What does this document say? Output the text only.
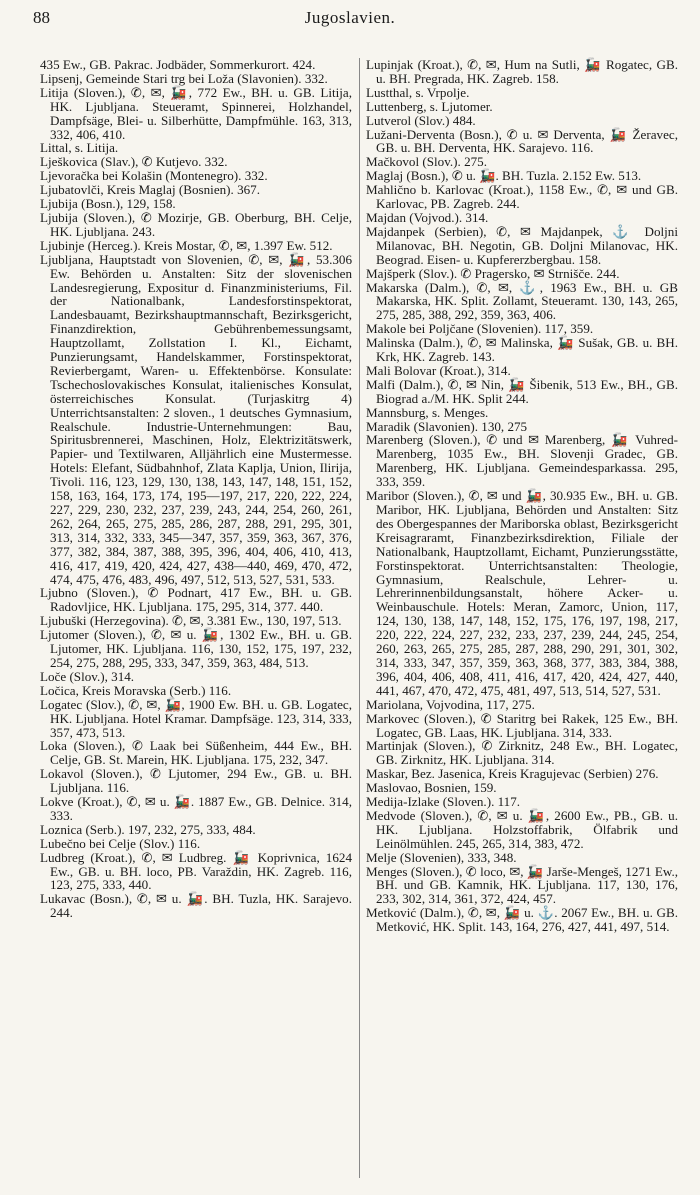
88	Jugoslavien.

435 Ew., GB. Pakrac. Jodbäder, Sommerkurort. 424.

Lipsenj, Gemeinde Stari trg bei Loža (Slavonien). 332.

Litija (Sloven.), ✆, ✉, 🚂, 772 Ew., BH. u. GB. Litija, HK. Ljubljana. Steueramt, Spinnerei, Holzhandel, Dampfsäge, Blei- u. Silberhütte, Dampfmühle. 163, 313, 332, 406, 410.

Littal, s. Litija.

Lješkovica (Slav.), ✆ Kutjevo. 332.

Ljevoračka bei Kolašin (Montenegro). 332.

Ljubatovlči, Kreis Maglaj (Bosnien). 367.

Ljubija (Bosn.), 129, 158.

Ljubija (Sloven.), ✆ Mozirje, GB. Oberburg, BH. Celje, HK. Ljubljana. 243.

Ljubinje (Herceg.). Kreis Mostar, ✆, ✉, 1.397 Ew. 512.

Ljubljana, Hauptstadt von Slovenien, ✆, ✉, 🚂, 53.306 Ew. Behörden u. Anstalten: Sitz der slovenischen Landesregierung, Expositur d. Finanzministeriums, Fil. der Nationalbank, Landesforstinspektorat, Landesbauamt, Bezirkshauptmannschaft, Bezirksgericht, Finanzdirektion, Gebührenbemessungsamt, Hauptzollamt, Zollstation I. Kl., Eichamt, Punzierungsamt, Handelskammer, Forstinspektorat, Revierbergamt, Waren- u. Effektenbörse. Konsulate: Tschechoslovakisches Konsulat, italienisches Konsulat, österreichisches Konsulat. (Turjaskitrg 4) Unterrichtsanstalten: 2 sloven., 1 deutsches Gymnasium, Realschule. Industrie-Unternehmungen: Bau, Spiritusbrennerei, Maschinen, Holz, Elektrizitätswerk, Papier- und Textilwaren, Alljährlich eine Mustermesse. Hotels: Elefant, Südbahnhof, Zlata Kaplja, Union, Ilirija, Tivoli. 116, 123, 129, 130, 138, 143, 147, 148, 151, 152, 158, 163, 164, 173, 174, 195—197, 217, 220, 222, 224, 227, 229, 230, 232, 237, 239, 243, 244, 254, 260, 261, 262, 264, 265, 275, 285, 286, 287, 288, 291, 295, 301, 313, 314, 332, 333, 345—347, 357, 359, 363, 367, 376, 377, 382, 384, 387, 388, 395, 396, 404, 406, 410, 413, 416, 417, 419, 420, 424, 427, 438—440, 469, 470, 472, 474, 475, 476, 483, 496, 497, 512, 513, 527, 531, 533.

Ljubno (Sloven.), ✆ Podnart, 417 Ew., BH. u. GB. Radovljice, HK. Ljubljana. 175, 295, 314, 377. 440.

Ljubuški (Herzegovina). ✆, ✉, 3.381 Ew., 130, 197, 513.

Ljutomer (Sloven.), ✆, ✉ u. 🚂, 1302 Ew., BH. u. GB. Ljutomer, HK. Ljubljana. 116, 130, 152, 175, 197, 232, 254, 275, 288, 295, 333, 347, 359, 363, 484, 513.

Loče (Slov.), 314.

Ločica, Kreis Moravska (Serb.) 116.

Logatec (Slov.), ✆, ✉, 🚂, 1900 Ew. BH. u. GB. Logatec, HK. Ljubljana. Hotel Kramar. Dampfsäge. 123, 314, 333, 357, 473, 513.

Loka (Sloven.), ✆ Laak bei Süßenheim, 444 Ew., BH. Celje, GB. St. Marein, HK. Ljubljana. 175, 232, 347.

Lokavol (Sloven.), ✆ Ljutomer, 294 Ew., GB. u. BH. Ljubljana. 116.

Lokve (Kroat.), ✆, ✉ u. 🚂. 1887 Ew., GB. Delnice. 314, 333.

Loznica (Serb.). 197, 232, 275, 333, 484.

Lubečno bei Celje (Slov.) 116.

Ludbreg (Kroat.), ✆, ✉ Ludbreg. 🚂 Koprivnica, 1624 Ew., GB. u. BH. loco, PB. Varaždin, HK. Zagreb. 116, 123, 275, 333, 440.

Lukavac (Bosn.), ✆, ✉ u. 🚂. BH. Tuzla, HK. Sarajevo. 244.

Lupinjak (Kroat.), ✆, ✉, Hum na Sutli, 🚂 Rogatec, GB. u. BH. Pregrada, HK. Zagreb. 158.

Lustthal, s. Vrpolje.

Luttenberg, s. Ljutomer.

Lutverol (Slov.) 484.

Lužani-Derventa (Bosn.), ✆ u. ✉ Derventa, 🚂 Žeravec, GB. u. BH. Derventa, HK. Sarajevo. 116.

Mačkovol (Slov.). 275.

Maglaj (Bosn.), ✆ u. 🚂. BH. Tuzla. 2.152 Ew. 513.

Mahlično b. Karlovac (Kroat.), 1158 Ew., ✆, ✉ und GB. Karlovac, PB. Zagreb. 244.

Majdan (Vojvod.). 314.

Majdanpek (Serbien), ✆, ✉ Majdanpek, ⚓ Doljni Milanovac, BH. Negotin, GB. Doljni Milanovac, HK. Beograd. Eisen- u. Kupfererzbergbau. 158.

Majšperk (Slov.). ✆ Pragersko, ✉ Strnišče. 244.

Makarska (Dalm.), ✆, ✉, ⚓, 1963 Ew., BH. u. GB Makarska, HK. Split. Zollamt, Steueramt. 130, 143, 265, 275, 285, 388, 292, 359, 363, 406.

Makole bei Poljčane (Slovenien). 117, 359.

Malinska (Dalm.), ✆, ✉ Malinska, 🚂 Sušak, GB. u. BH. Krk, HK. Zagreb. 143.

Mali Bolovar (Kroat.), 314.

Malfi (Dalm.), ✆, ✉ Nin, 🚂 Šibenik, 513 Ew., BH., GB. Biograd a./M. HK. Split 244.

Mannsburg, s. Menges.

Maradik (Slavonien). 130, 275

Marenberg (Sloven.), ✆ und ✉ Marenberg, 🚂 Vuhred-Marenberg, 1035 Ew., BH. Slovenji Gradec, GB. Marenberg, HK. Ljubljana. Gemeindesparkassa. 295, 333, 359.

Maribor (Sloven.), ✆, ✉ und 🚂, 30.935 Ew., BH. u. GB. Maribor, HK. Ljubljana, Behörden und Anstalten: Sitz des Obergespannes der Mariborska oblast, Bezirksgericht Kreisagraramt, Finanzbezirksdirektion, Filiale der Nationalbank, Hauptzollamt, Eichamt, Punzierungsstätte, Forstinspektorat. Unterrichtsanstalten: Theologie, Gymnasium, Realschule, Lehrer- u. Lehrerinnenbildungsanstalt, höhere Acker- u. Weinbauschule. Hotels: Meran, Zamorc, Union, 117, 124, 130, 138, 147, 148, 152, 175, 176, 197, 198, 217, 220, 222, 224, 227, 232, 233, 237, 239, 244, 245, 254, 260, 263, 265, 275, 285, 287, 288, 290, 291, 301, 302, 314, 333, 347, 357, 359, 363, 368, 377, 383, 384, 388, 396, 404, 406, 408, 411, 416, 417, 420, 424, 427, 440, 441, 467, 470, 472, 475, 481, 497, 513, 514, 527, 531.

Mariolana, Vojvodina, 117, 275.

Markovec (Sloven.), ✆ Staritrg bei Rakek, 125 Ew., BH. Logatec, GB. Laas, HK. Ljubljana. 314, 333.

Martinjak (Sloven.), ✆ Zirknitz, 248 Ew., BH. Logatec, GB. Zirknitz, HK. Ljubljana. 314.

Maskar, Bez. Jasenica, Kreis Kragujevac (Serbien) 276.

Maslovao, Bosnien, 159.

Medija-Izlake (Sloven.). 117.

Medvode (Sloven.), ✆, ✉ u. 🚂, 2600 Ew., PB., GB. u. HK. Ljubljana. Holzstoffabrik, Ölfabrik und Leinölmühlen. 245, 265, 314, 383, 472.

Melje (Slovenien), 333, 348.

Menges (Sloven.), ✆ loco, ✉, 🚂 Jarše-Mengeš, 1271 Ew., BH. und GB. Kamnik, HK. Ljubljana. 117, 130, 176, 233, 302, 314, 361, 372, 424, 457.

Metković (Dalm.), ✆, ✉, 🚂 u. ⚓. 2067 Ew., BH. u. GB. Metković, HK. Split. 143, 164, 276, 427, 441, 497, 514.
